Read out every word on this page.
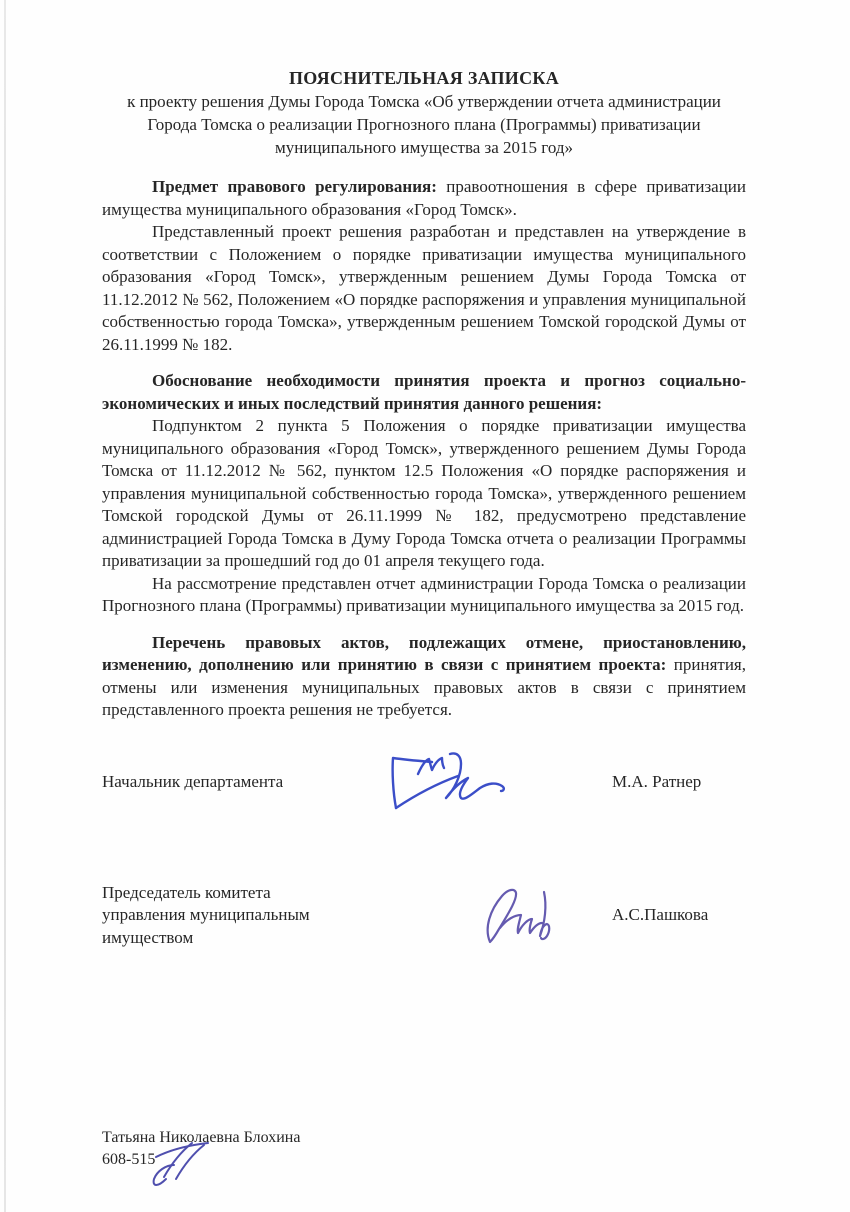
ПОЯСНИТЕЛЬНАЯ ЗАПИСКА

к проекту решения Думы Города Томска «Об утверждении отчета администрации Города Томска о реализации Прогнозного плана (Программы) приватизации муниципального имущества за 2015 год»

Предмет правового регулирования: правоотношения в сфере приватизации имущества муниципального образования «Город Томск».

Представленный проект решения разработан и представлен на утверждение в соответствии с Положением о порядке приватизации имущества муниципального образования «Город Томск», утвержденным решением Думы Города Томска от 11.12.2012 № 562, Положением «О порядке распоряжения и управления муниципальной собственностью города Томска», утвержденным решением Томской городской Думы от 26.11.1999 № 182.

Обоснование необходимости принятия проекта и прогноз социально-экономических и иных последствий принятия данного решения:

Подпунктом 2 пункта 5 Положения о порядке приватизации имущества муниципального образования «Город Томск», утвержденного решением Думы Города Томска от 11.12.2012 № 562, пунктом 12.5 Положения «О порядке распоряжения и управления муниципальной собственностью города Томска», утвержденного решением Томской городской Думы от 26.11.1999 № 182, предусмотрено представление администрацией Города Томска в Думу Города Томска отчета о реализации Программы приватизации за прошедший год до 01 апреля текущего года.

На рассмотрение представлен отчет администрации Города Томска о реализации Прогнозного плана (Программы) приватизации муниципального имущества за 2015 год.

Перечень правовых актов, подлежащих отмене, приостановлению, изменению, дополнению или принятию в связи с принятием проекта: принятия, отмены или изменения муниципальных правовых актов в связи с принятием представленного проекта решения не требуется.

Начальник департамента	М.А. Ратнер
Председатель комитета управления муниципальным имуществом
А.С.Пашкова
Татьяна Николаевна Блохина
608-515
